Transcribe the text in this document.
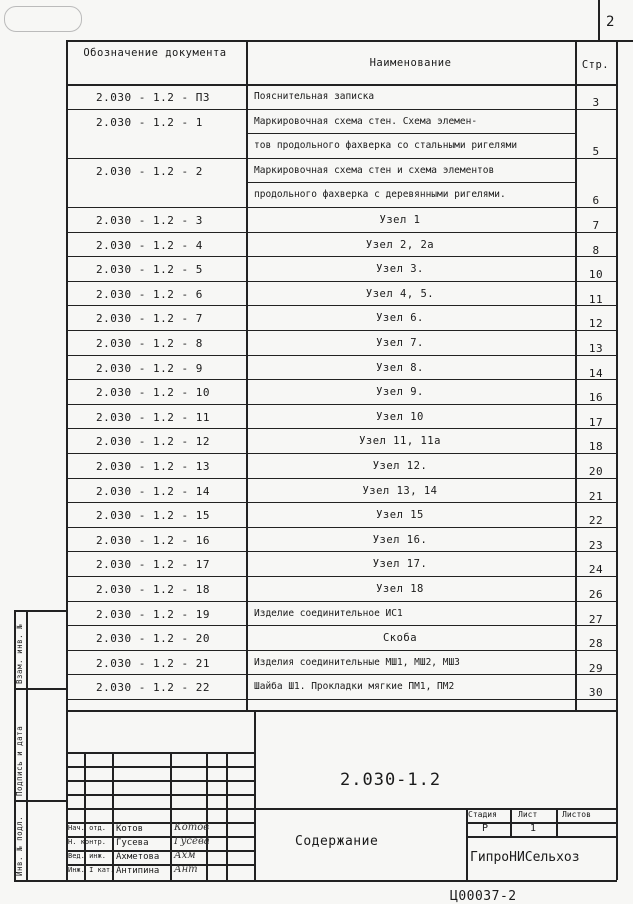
2
Обозначение документа
Наименование	Стр.
2.030 - 1.2 - П3	Пояснительная записка	3
2.030 - 1.2 - 1	Маркировочная схема стен. Схема элемен-
тов продольного фахверка со стальными ригелями	5
2.030 - 1.2 - 2	Маркировочная схема стен и схема элементов
продольного фахверка с деревянными ригелями.	6
2.030 - 1.2 - 3	Узел 1	7
2.030 - 1.2 - 4	Узел 2, 2а	8
2.030 - 1.2 - 5	Узел 3.	10
2.030 - 1.2 - 6	Узел 4, 5.	11
2.030 - 1.2 - 7	Узел 6.	12
2.030 - 1.2 - 8	Узел 7.	13
2.030 - 1.2 - 9	Узел 8.	14
2.030 - 1.2 - 10	Узел 9.	16
2.030 - 1.2 - 11	Узел 10	17
2.030 - 1.2 - 12	Узел 11, 11а	18
2.030 - 1.2 - 13	Узел 12.	20
2.030 - 1.2 - 14	Узел 13, 14	21
2.030 - 1.2 - 15	Узел 15	22
2.030 - 1.2 - 16	Узел 16.	23
2.030 - 1.2 - 17	Узел 17.	24
2.030 - 1.2 - 18	Узел 18	26
2.030 - 1.2 - 19	Изделие соединительное ИС1	27
2.030 - 1.2 - 20	Скоба	28
2.030 - 1.2 - 21	Изделия соединительные МШ1, МШ2, МШ3	29
2.030 - 1.2 - 22	Шайба Ш1. Прокладки мягкие ПМ1, ПМ2	30
Инв. № подл.
Подпись и дата
Взам. инв. №
2.030-1.2
Содержание
Стадия	Лист	Листов
Р	1
ГипроНИСельхоз
Нач. отд. Котов	Котов
Н. контр. Гусева	Гусева
Вед. инж. Ахметова Ахм
Инж. I кат. Антипина Ант
Ц00037-2
